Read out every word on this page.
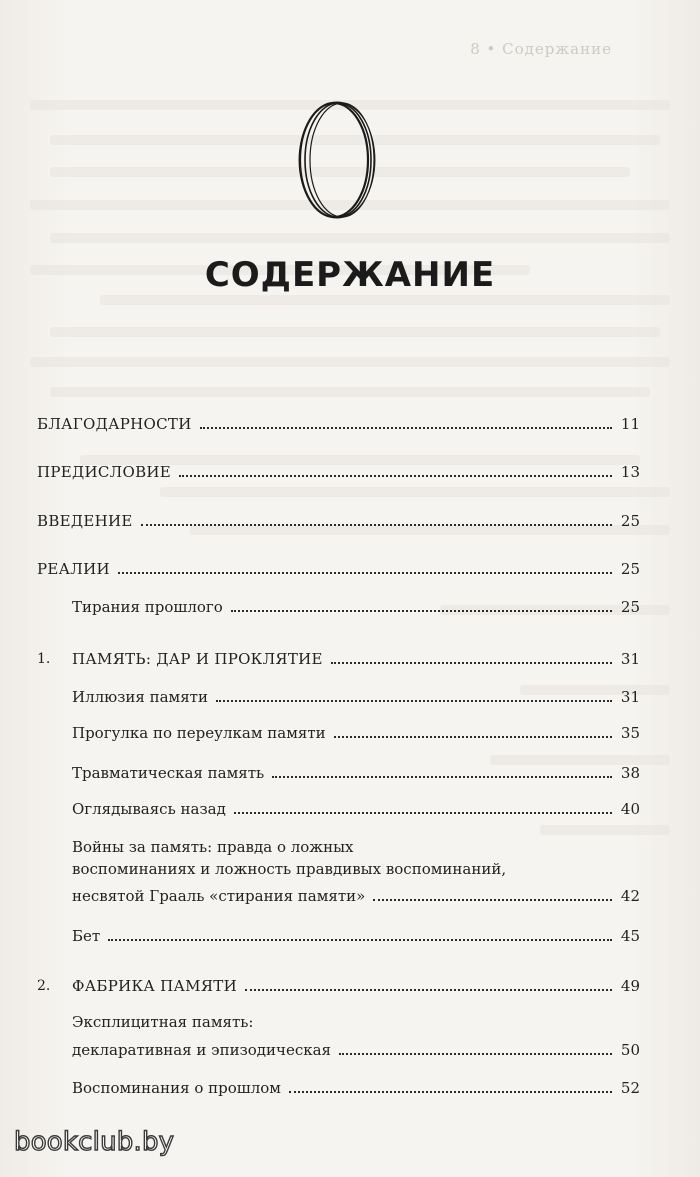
8 • Содержание
СОДЕРЖАНИЕ
БЛАГОДАРНОСТИ	11
ПРЕДИСЛОВИЕ	13
ВВЕДЕНИЕ	25
РЕАЛИИ	25
Тирания прошлого	25
1.	ПАМЯТЬ: ДАР И ПРОКЛЯТИЕ	31
Иллюзия памяти	31
Прогулка по переулкам памяти	35
Травматическая память	38
Оглядываясь назад	40
Войны за память: правда о ложных
воспоминаниях и ложность правдивых воспоминаний,
несвятой Грааль «стирания памяти»	42
Бет	45
2.	ФАБРИКА ПАМЯТИ	49
Эксплицитная память:
декларативная и эпизодическая	50
Воспоминания о прошлом	52
bookclub.by
